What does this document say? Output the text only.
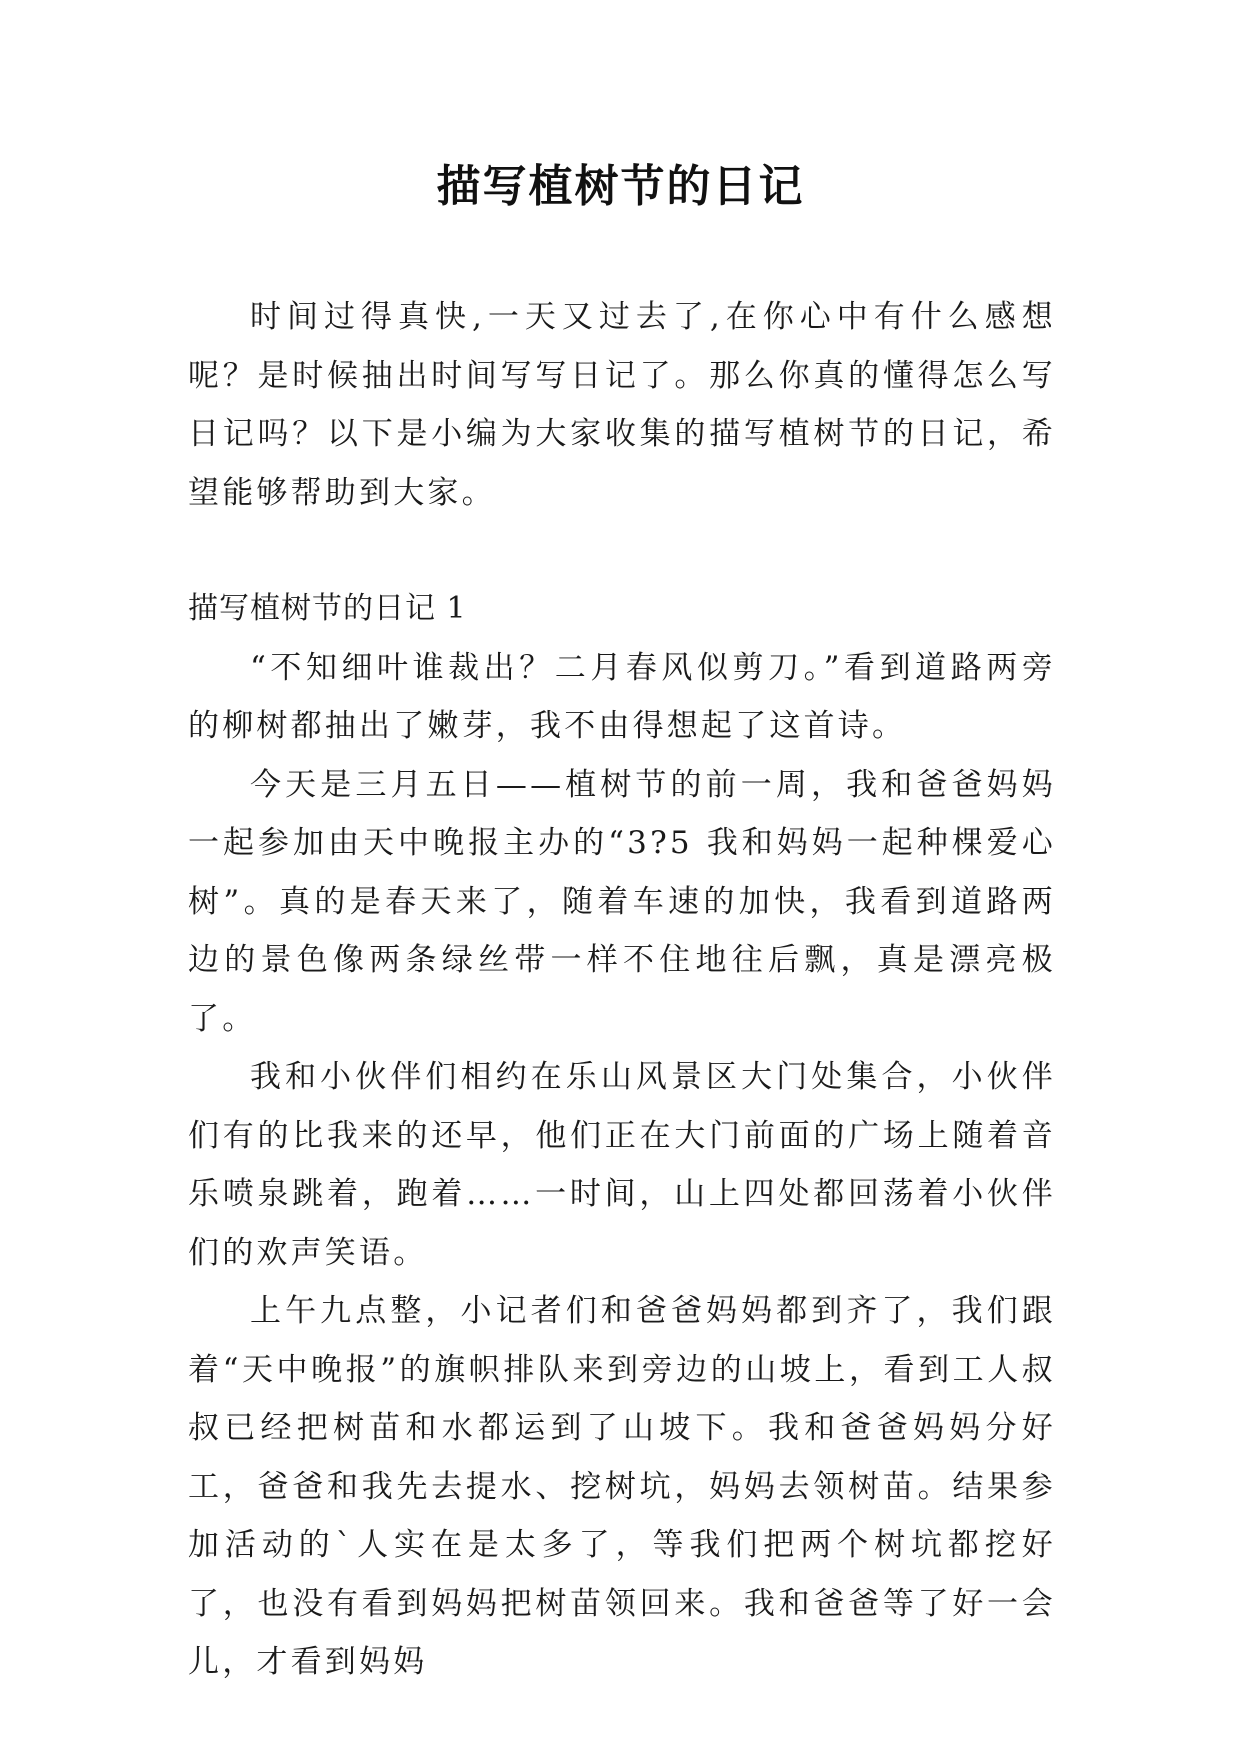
描写植树节的日记

时间过得真快,一天又过去了,在你心中有什么感想呢？是时候抽出时间写写日记了。那么你真的懂得怎么写日记吗？以下是小编为大家收集的描写植树节的日记，希望能够帮助到大家。

描写植树节的日记 1

“不知细叶谁裁出？二月春风似剪刀。”看到道路两旁的柳树都抽出了嫩芽，我不由得想起了这首诗。

今天是三月五日——植树节的前一周，我和爸爸妈妈一起参加由天中晚报主办的“3?5 我和妈妈一起种棵爱心树”。真的是春天来了，随着车速的加快，我看到道路两边的景色像两条绿丝带一样不住地往后飘，真是漂亮极了。

我和小伙伴们相约在乐山风景区大门处集合，小伙伴们有的比我来的还早，他们正在大门前面的广场上随着音乐喷泉跳着，跑着……一时间，山上四处都回荡着小伙伴们的欢声笑语。

上午九点整，小记者们和爸爸妈妈都到齐了，我们跟着“天中晚报”的旗帜排队来到旁边的山坡上，看到工人叔叔已经把树苗和水都运到了山坡下。我和爸爸妈妈分好工，爸爸和我先去提水、挖树坑，妈妈去领树苗。结果参加活动的`人实在是太多了，等我们把两个树坑都挖好了，也没有看到妈妈把树苗领回来。我和爸爸等了好一会儿，才看到妈妈
